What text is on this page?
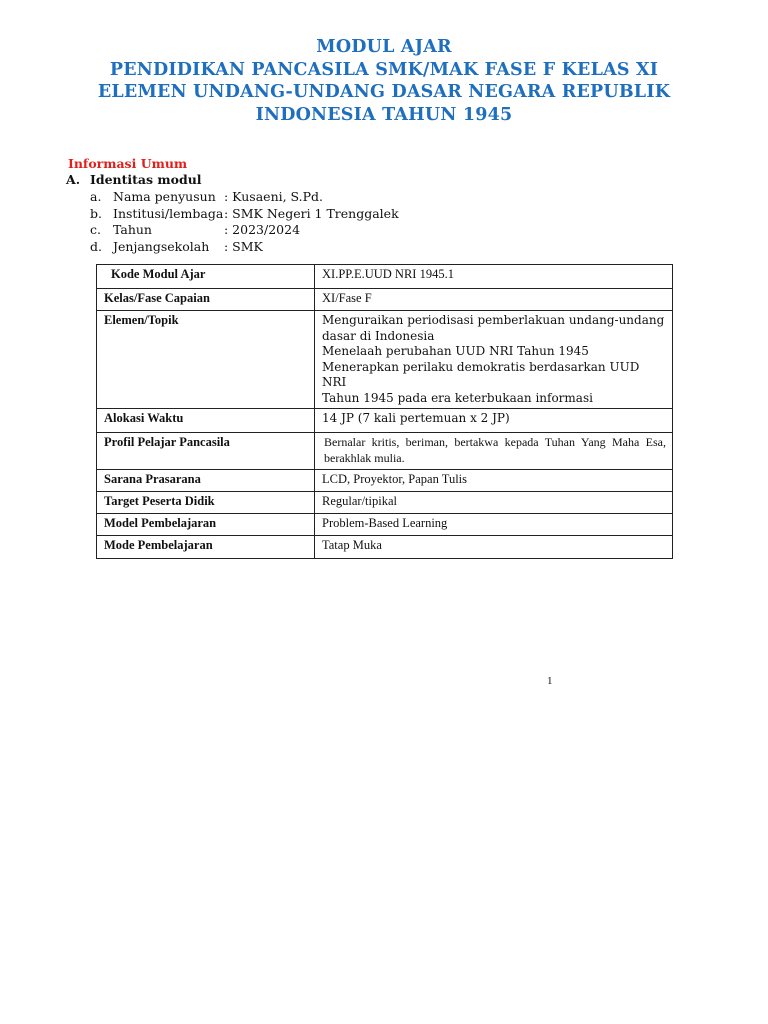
MODUL AJAR
PENDIDIKAN PANCASILA SMK/MAK FASE F KELAS XI
ELEMEN UNDANG-UNDANG DASAR NEGARA REPUBLIK
INDONESIA TAHUN 1945
Informasi Umum
A. Identitas modul
a. Nama penyusun : Kusaeni, S.Pd.
b. Institusi/lembaga : SMK Negeri 1 Trenggalek
c. Tahun	: 2023/2024
d. Jenjangsekolah	: SMK
Kode Modul Ajar	XI.PP.E.UUD NRI 1945.1
Kelas/Fase Capaian	XI/Fase F
Elemen/Topik	Menguraikan periodisasi pemberlakuan undang-undang
dasar di Indonesia
Menelaah perubahan UUD NRI Tahun 1945
Menerapkan perilaku demokratis berdasarkan UUD NRI
Tahun 1945 pada era keterbukaan informasi

Alokasi Waktu	14 JP (7 kali pertemuan x 2 JP)
Profil Pelajar Pancasila	Bernalar kritis, beriman, bertakwa kepada Tuhan Yang Maha Esa, berakhlak mulia.
Sarana Prasarana	LCD, Proyektor, Papan Tulis
Target Peserta Didik	Regular/tipikal
Model Pembelajaran	Problem-Based Learning
Mode Pembelajaran	Tatap Muka
1
